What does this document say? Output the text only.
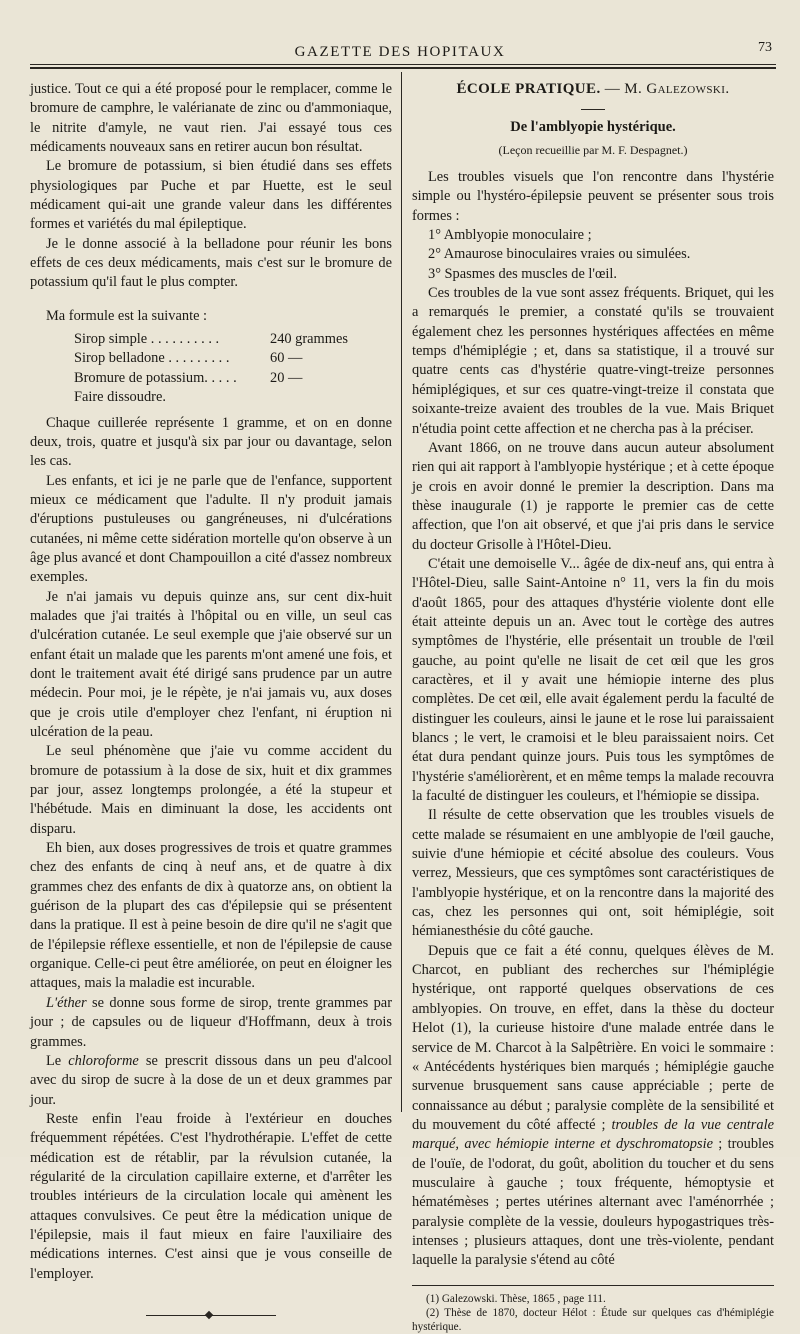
GAZETTE DES HOPITAUX	73

justice. Tout ce qui a été proposé pour le remplacer, comme le bromure de camphre, le valérianate de zinc ou d'ammoniaque, le nitrite d'amyle, ne vaut rien. J'ai essayé tous ces médicaments nouveaux sans en retirer aucun bon résultat.

Le bromure de potassium, si bien étudié dans ses effets physiologiques par Puche et par Huette, est le seul médicament qui-ait une grande valeur dans les différentes formes et variétés du mal épileptique.

Je le donne associé à la belladone pour réunir les bons effets de ces deux médicaments, mais c'est sur le bromure de potassium qu'il faut le plus compter.

Ma formule est la suivante :

Sirop simple . . . . . . . . . .	240 grammes
Sirop belladone . . . . . . . . .	60 —
Bromure de potassium. . . . .	20 —
Faire dissoudre.

Chaque cuillerée représente 1 gramme, et on en donne deux, trois, quatre et jusqu'à six par jour ou davantage, selon les cas.

Les enfants, et ici je ne parle que de l'enfance, supportent mieux ce médicament que l'adulte. Il n'y produit jamais d'éruptions pustuleuses ou gangréneuses, ni d'ulcérations cutanées, ni même cette sidération mortelle qu'on observe à un âge plus avancé et dont Champouillon a cité d'assez nombreux exemples.

Je n'ai jamais vu depuis quinze ans, sur cent dix-huit malades que j'ai traités à l'hôpital ou en ville, un seul cas d'ulcération cutanée. Le seul exemple que j'aie observé sur un enfant était un malade que les parents m'ont amené une fois, et dont le traitement avait été dirigé sans prudence par un autre médecin. Pour moi, je le répète, je n'ai jamais vu, aux doses que je crois utile d'employer chez l'enfant, ni éruption ni ulcération de la peau.

Le seul phénomène que j'aie vu comme accident du bromure de potassium à la dose de six, huit et dix grammes par jour, assez longtemps prolongée, a été la stupeur et l'hébétude. Mais en diminuant la dose, les accidents ont disparu.

Eh bien, aux doses progressives de trois et quatre grammes chez des enfants de cinq à neuf ans, et de quatre à dix grammes chez des enfants de dix à quatorze ans, on obtient la guérison de la plupart des cas d'épilepsie qui se présentent dans la pratique. Il est à peine besoin de dire qu'il ne s'agit que de l'épilepsie réflexe essentielle, et non de l'épilepsie de cause organique. Celle-ci peut être améliorée, on peut en éloigner les attaques, mais la maladie est incurable.

L'éther se donne sous forme de sirop, trente grammes par jour ; de capsules ou de liqueur d'Hoffmann, deux à trois grammes.

Le chloroforme se prescrit dissous dans un peu d'alcool avec du sirop de sucre à la dose de un et deux grammes par jour.

Reste enfin l'eau froide à l'extérieur en douches fréquemment répétées. C'est l'hydrothérapie. L'effet de cette médication est de rétablir, par la révulsion cutanée, la régularité de la circulation capillaire externe, et d'arrêter les troubles intérieurs de la circulation locale qui amènent les attaques convulsives. Ce peut être la médication unique de l'épilepsie, mais il faut mieux en faire l'auxiliaire des médications internes. C'est ainsi que je vous conseille de l'employer.

ÉCOLE PRATIQUE. — M. Galezowski.
De l'amblyopie hystérique.
(Leçon recueillie par M. F. Despagnet.)

Les troubles visuels que l'on rencontre dans l'hystérie simple ou l'hystéro-épilepsie peuvent se présenter sous trois formes :

1° Amblyopie monoculaire ;

2° Amaurose binoculaires vraies ou simulées.

3° Spasmes des muscles de l'œil.

Ces troubles de la vue sont assez fréquents. Briquet, qui les a remarqués le premier, a constaté qu'ils se trouvaient également chez les personnes hystériques affectées en même temps d'hémiplégie ; et, dans sa statistique, il a trouvé sur quatre cents cas d'hystérie quatre-vingt-treize personnes hémiplégiques, et sur ces quatre-vingt-treize il constata que soixante-treize avaient des troubles de la vue. Mais Briquet n'étudia point cette affection et ne chercha pas à la préciser.

Avant 1866, on ne trouve dans aucun auteur absolument rien qui ait rapport à l'amblyopie hystérique ; et à cette époque je crois en avoir donné le premier la description. Dans ma thèse inaugurale (1) je rapporte le premier cas de cette affection, que l'on ait observé, et que j'ai pris dans le service du docteur Grisolle à l'Hôtel-Dieu.

C'était une demoiselle V... âgée de dix-neuf ans, qui entra à l'Hôtel-Dieu, salle Saint-Antoine n° 11, vers la fin du mois d'août 1865, pour des attaques d'hystérie violente dont elle était atteinte depuis un an. Avec tout le cortège des autres symptômes de l'hystérie, elle présentait un trouble de l'œil gauche, au point qu'elle ne lisait de cet œil que les gros caractères, et il y avait une hémiopie interne des plus complètes. De cet œil, elle avait également perdu la faculté de distinguer les couleurs, ainsi le jaune et le rose lui paraissaient blancs ; le vert, le cramoisi et le bleu paraissaient noirs. Cet état dura pendant quinze jours. Puis tous les symptômes de l'hystérie s'améliorèrent, et en même temps la malade recouvra la faculté de distinguer les couleurs, et l'hémiopie se dissipa.

Il résulte de cette observation que les troubles visuels de cette malade se résumaient en une amblyopie de l'œil gauche, suivie d'une hémiopie et cécité absolue des couleurs. Vous verrez, Messieurs, que ces symptômes sont caractéristiques de l'amblyopie hystérique, et on la rencontre dans la majorité des cas, chez les personnes qui ont, soit hémiplégie, soit hémianesthésie du côté gauche.

Depuis que ce fait a été connu, quelques élèves de M. Charcot, en publiant des recherches sur l'hémiplégie hystérique, ont rapporté quelques observations de ces amblyopies. On trouve, en effet, dans la thèse du docteur Helot (1), la curieuse histoire d'une malade entrée dans le service de M. Charcot à la Salpêtrière. En voici le sommaire : « Antécédents hystériques bien marqués ; hémiplégie gauche survenue brusquement sans cause appréciable ; perte de connaissance au début ; paralysie complète de la sensibilité et du mouvement du côté affecté ; troubles de la vue centrale marqué, avec hémiopie interne et dyschromatopsie ; troubles de l'ouïe, de l'odorat, du goût, abolition du toucher et du sens musculaire à gauche ; toux fréquente, hémoptysie et hématémèses ; pertes utérines alternant avec l'aménorrhée ; paralysie complète de la vessie, douleurs hypogastriques très-intenses ; plusieurs attaques, dont une très-violente, pendant laquelle la paralysie s'étend au côté

(1) Galezowski. Thèse, 1865 , page 111.

(2) Thèse de 1870, docteur Hélot : Étude sur quelques cas d'hémiplégie hystérique.
